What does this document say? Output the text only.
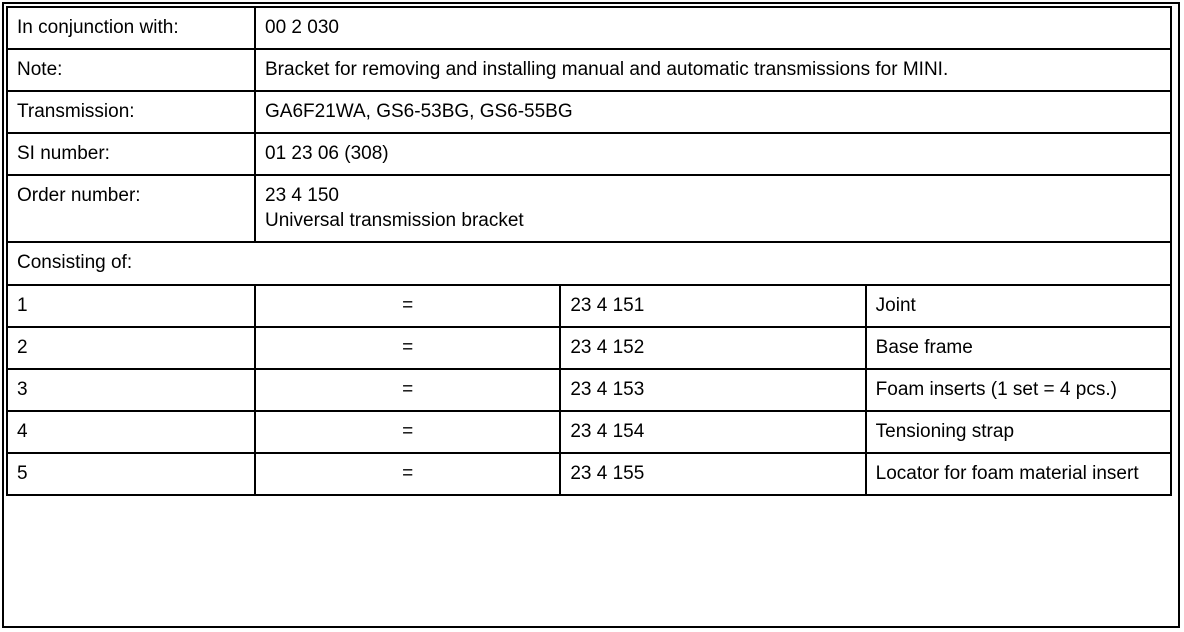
In conjunction with:	00 2 030		
Note:	Bracket for removing and installing manual and automatic transmissions for MINI.		
Transmission:	GA6F21WA, GS6-53BG, GS6-55BG		
SI number:	01 23 06 (308)		
Order number:	23 4 150
Universal transmission bracket		

Consisting of:			
1	=	23 4 151	Joint
2	=	23 4 152	Base frame
3	=	23 4 153	Foam inserts (1 set = 4 pcs.)
4	=	23 4 154	Tensioning strap
5	=	23 4 155	Locator for foam material insert
